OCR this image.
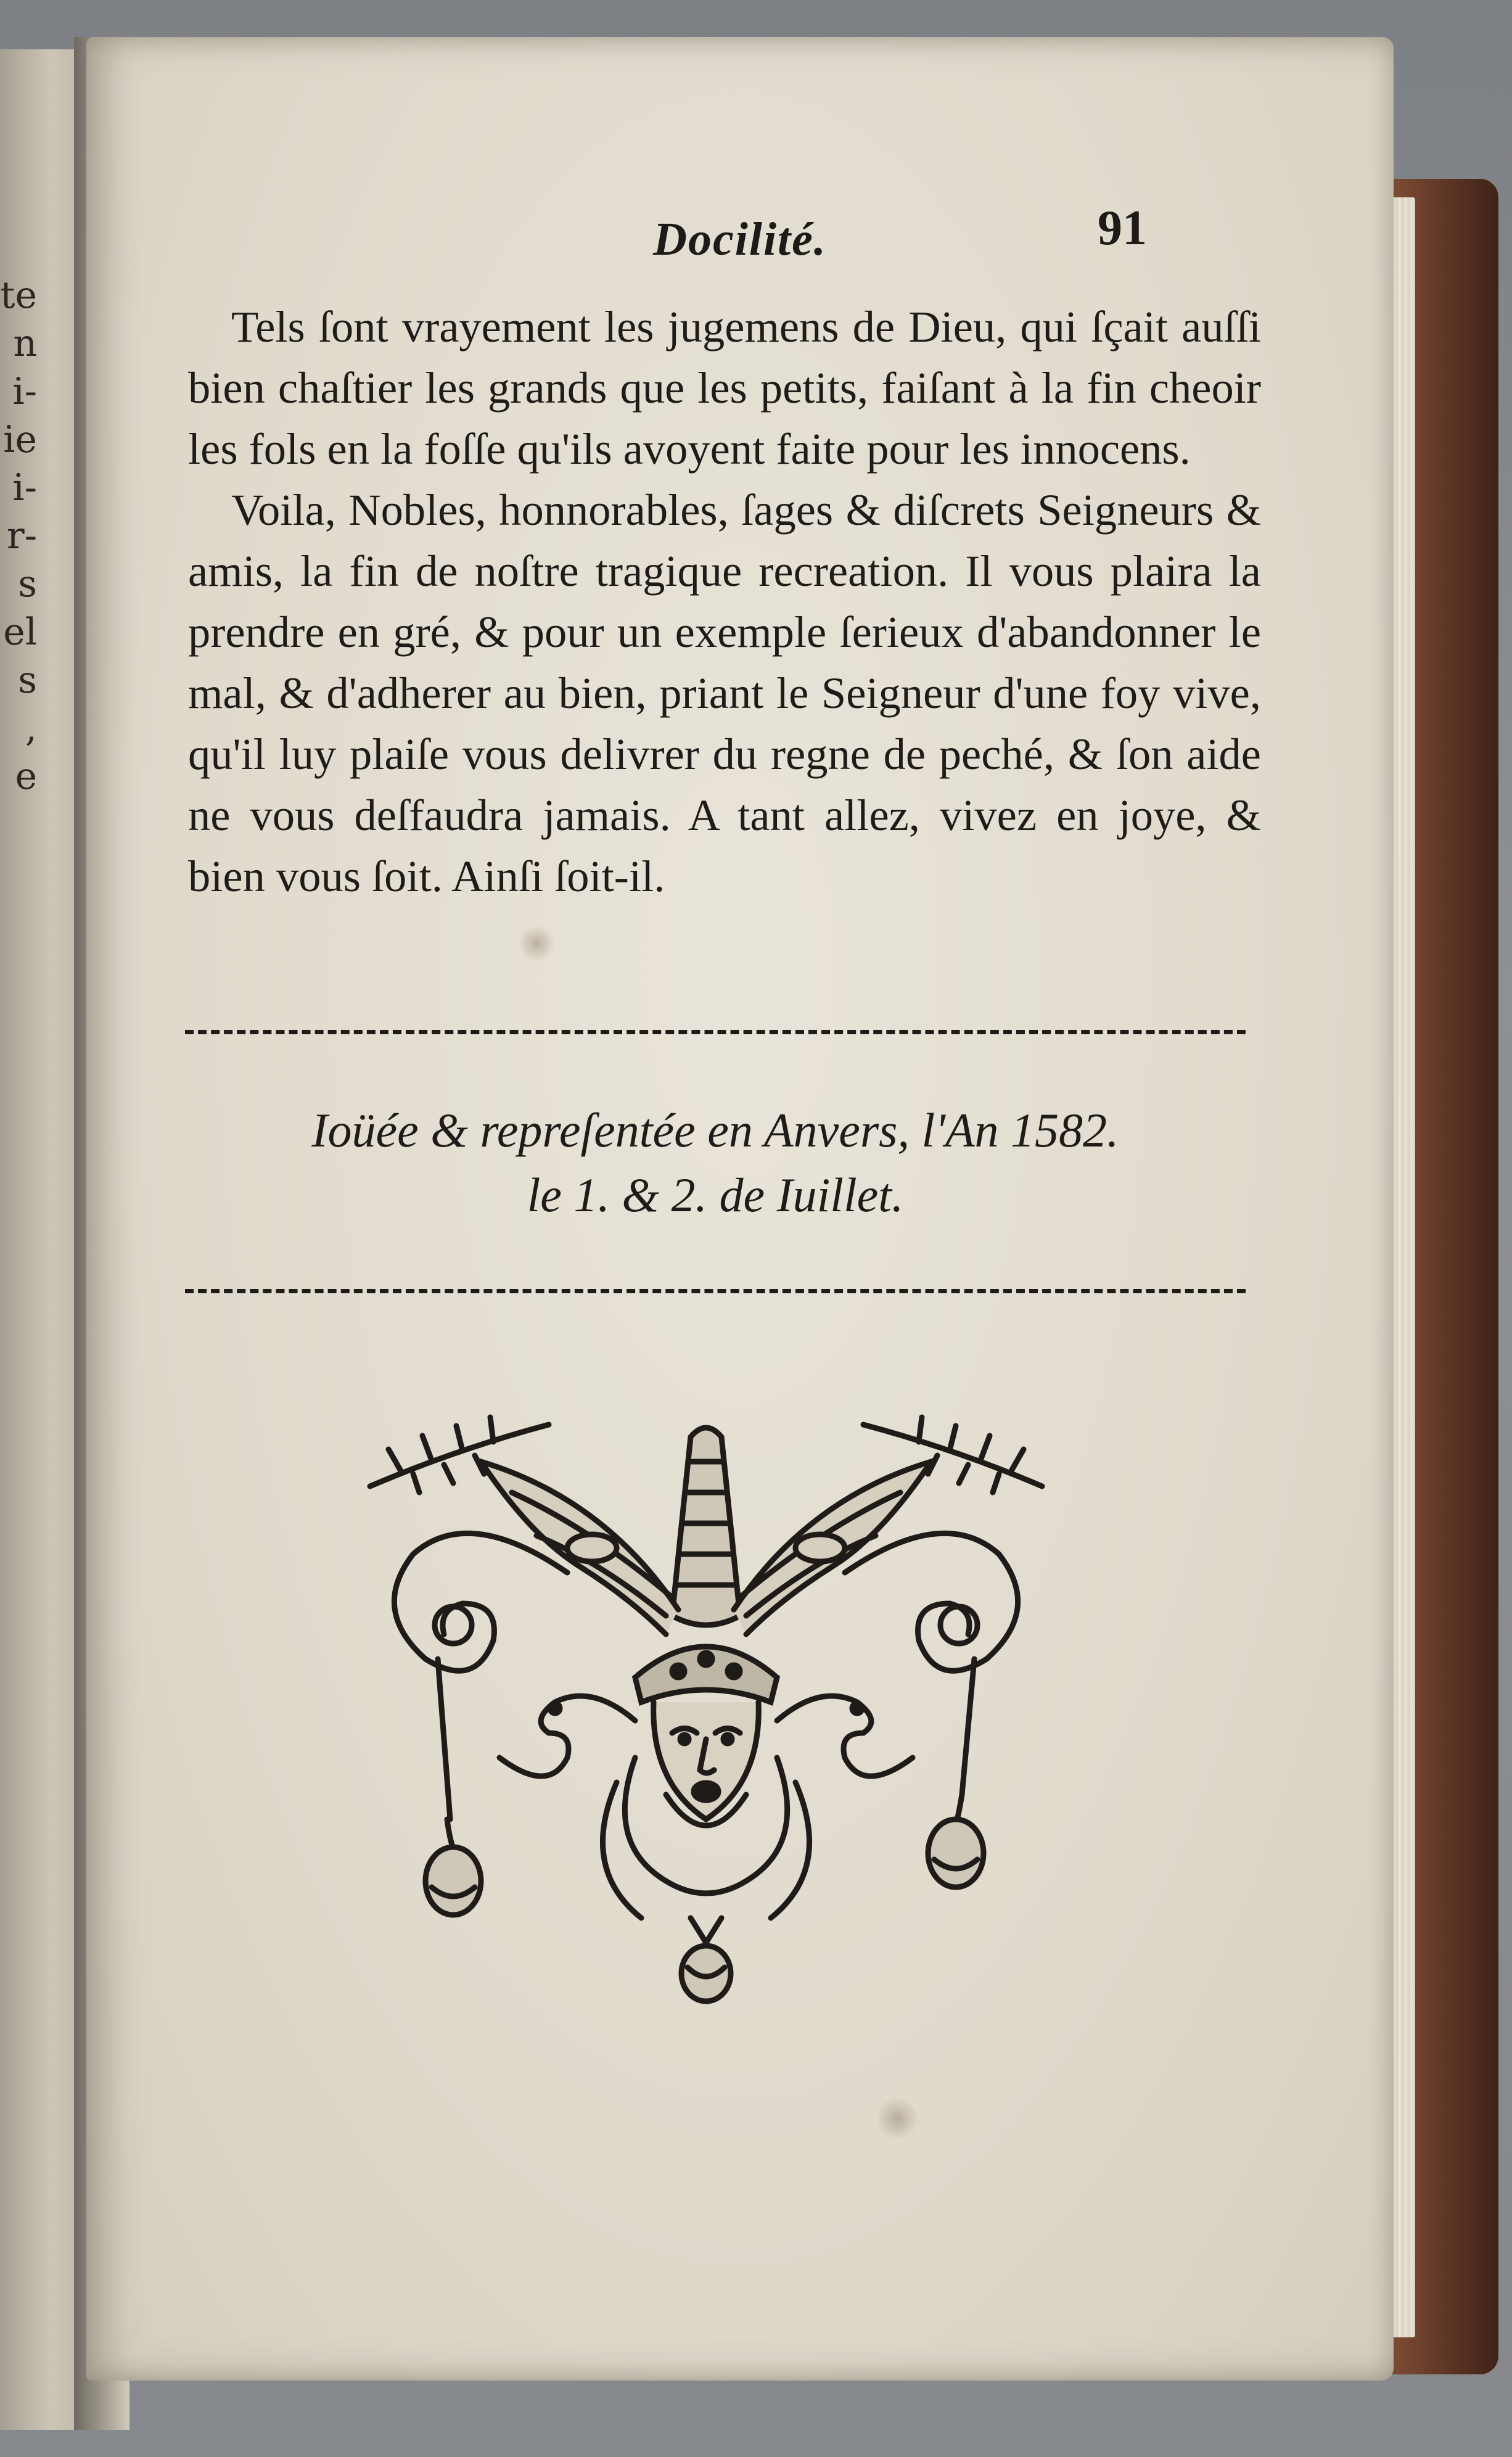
te
n
i-
ie
i-
r-
s
el
s
,
e
Docilité.	91

Tels ſont vrayement les jugemens de Dieu, qui ſçait auſſi bien chaſtier les grands que les petits, faiſant à la fin cheoir les fols en la foſſe qu'ils avoyent faite pour les innocens.

Voila, Nobles, honnorables, ſages & diſcrets Seigneurs & amis, la fin de noſtre tragique recreation. Il vous plaira la prendre en gré, & pour un exemple ſerieux d'abandonner le mal, & d'adherer au bien, priant le Seigneur d'une foy vive, qu'il luy plaiſe vous delivrer du regne de peché, & ſon aide ne vous deſfaudra jamais. A tant allez, vivez en joye, & bien vous ſoit. Ainſi ſoit-il.

Ioüée & repreſentée en Anvers, l'An 1582.
le 1. & 2. de Iuillet.
